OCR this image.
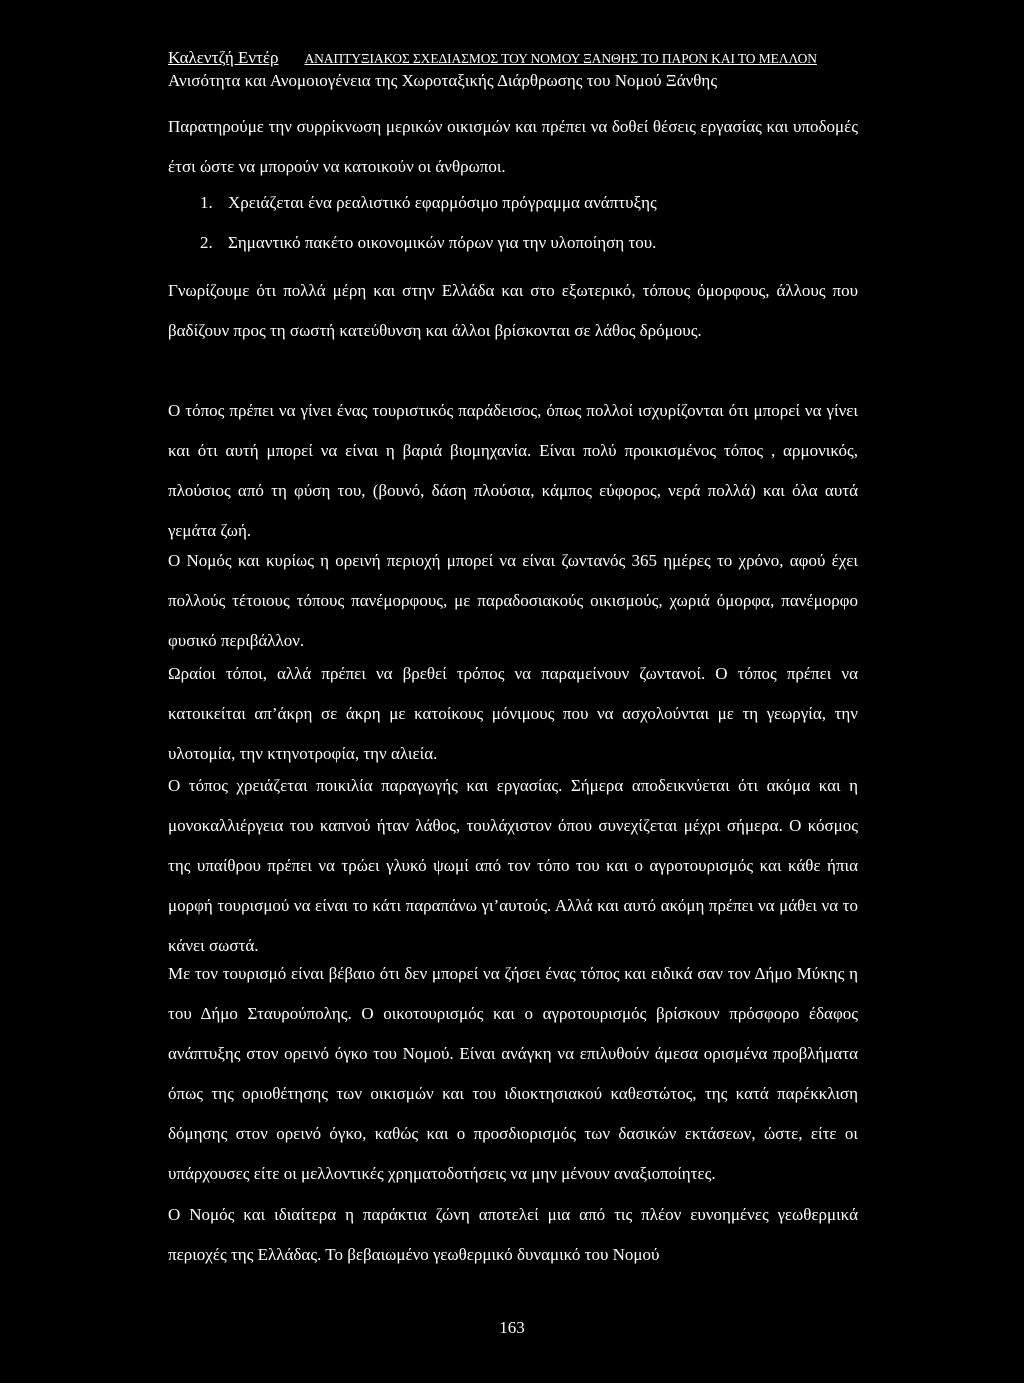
Καλεντζή Εντέρ ΑΝΑΠΤΥΞΙΑΚΟΣ ΣΧΕΔΙΑΣΜΟΣ ΤΟΥ ΝΟΜΟΥ ΞΑΝΘΗΣ ΤΟ ΠΑΡΟΝ ΚΑΙ ΤΟ ΜΕΛΛΟΝ
Ανισότητα και Ανομοιογένεια της Χωροταξικής Διάρθρωσης του Νομού Ξάνθης

Παρατηρούμε την συρρίκνωση μερικών οικισμών και πρέπει να δοθεί θέσεις εργασίας και υποδομές έτσι ώστε να μπορούν να κατοικούν οι άνθρωποι.

1. Χρειάζεται ένα ρεαλιστικό εφαρμόσιμο πρόγραμμα ανάπτυξης
2. Σημαντικό πακέτο οικονομικών πόρων για την υλοποίηση του.

Γνωρίζουμε ότι πολλά μέρη και στην Ελλάδα και στο εξωτερικό, τόπους όμορφους, άλλους που βαδίζουν προς τη σωστή κατεύθυνση και άλλοι βρίσκονται σε λάθος δρόμους.

Ο τόπος πρέπει να γίνει ένας τουριστικός παράδεισος, όπως πολλοί ισχυρίζονται ότι μπορεί να γίνει και ότι αυτή μπορεί να είναι η βαριά βιομηχανία. Είναι πολύ προικισμένος τόπος , αρμονικός, πλούσιος από τη φύση του, (βουνό, δάση πλούσια, κάμπος εύφορος, νερά πολλά) και όλα αυτά γεμάτα ζωή.

Ο Νομός και κυρίως η ορεινή περιοχή μπορεί να είναι ζωντανός 365 ημέρες το χρόνο, αφού έχει πολλούς τέτοιους τόπους πανέμορφους, με παραδοσιακούς οικισμούς, χωριά όμορφα, πανέμορφο φυσικό περιβάλλον.

Ωραίοι τόποι, αλλά πρέπει να βρεθεί τρόπος να παραμείνουν ζωντανοί. Ο τόπος πρέπει να κατοικείται απ’άκρη σε άκρη με κατοίκους μόνιμους που να ασχολούνται με τη γεωργία, την υλοτομία, την κτηνοτροφία, την αλιεία.

Ο τόπος χρειάζεται ποικιλία παραγωγής και εργασίας. Σήμερα αποδεικνύεται ότι ακόμα και η μονοκαλλιέργεια του καπνού ήταν λάθος, τουλάχιστον όπου συνεχίζεται μέχρι σήμερα. Ο κόσμος της υπαίθρου πρέπει να τρώει γλυκό ψωμί από τον τόπο του και ο αγροτουρισμός και κάθε ήπια μορφή τουρισμού να είναι το κάτι παραπάνω γι’αυτούς. Αλλά και αυτό ακόμη πρέπει να μάθει να το κάνει σωστά.

Με τον τουρισμό είναι βέβαιο ότι δεν μπορεί να ζήσει ένας τόπος και ειδικά σαν τον Δήμο Μύκης η του Δήμο Σταυρούπολης. Ο οικοτουρισμός και ο αγροτουρισμός βρίσκουν πρόσφορο έδαφος ανάπτυξης στον ορεινό όγκο του Νομού. Είναι ανάγκη να επιλυθούν άμεσα ορισμένα προβλήματα όπως της οριοθέτησης των οικισμών και του ιδιοκτησιακού καθεστώτος, της κατά παρέκκλιση δόμησης στον ορεινό όγκο, καθώς και ο προσδιορισμός των δασικών εκτάσεων, ώστε, είτε οι υπάρχουσες είτε οι μελλοντικές χρηματοδοτήσεις να μην μένουν αναξιοποίητες.

Ο Νομός και ιδιαίτερα η παράκτια ζώνη αποτελεί μια από τις πλέον ευνοημένες γεωθερμικά περιοχές της Ελλάδας. Το βεβαιωμένο γεωθερμικό δυναμικό του Νομού

163
